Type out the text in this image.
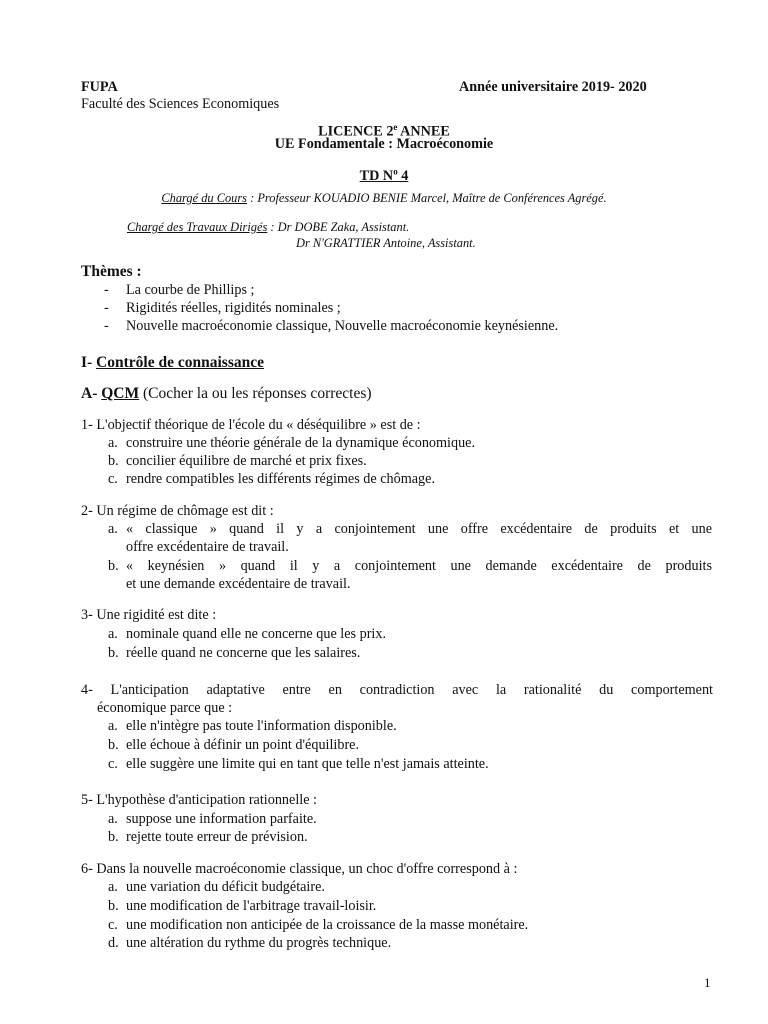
FUPA	Année universitaire 2019- 2020
Faculté des Sciences Economiques
LICENCE 2e ANNEE
UE Fondamentale : Macroéconomie
TD $N^o$ 4
Chargé du Cours : Professeur KOUADIO BENIE Marcel, Maître de Conférences Agrégé.
Chargé des Travaux Dirigés : Dr DOBE Zaka, Assistant.
Dr N'GRATTIER Antoine, Assistant.
Thèmes :
- La courbe de Phillips ;
- Rigidités réelles, rigidités nominales ;
- Nouvelle macroéconomie classique, Nouvelle macroéconomie keynésienne.
I- Contrôle de connaissance
A- QCM (Cocher la ou les réponses correctes)
1- L'objectif théorique de l'école du « déséquilibre » est de :
a. construire une théorie générale de la dynamique économique.
b. concilier équilibre de marché et prix fixes.
c. rendre compatibles les différents régimes de chômage.
2- Un régime de chômage est dit :
a. « classique » quand il y a conjointement une offre excédentaire de produits et une
offre excédentaire de travail.
b. « keynésien » quand il y a conjointement une demande excédentaire de produits
et une demande excédentaire de travail.
3- Une rigidité est dite :
a. nominale quand elle ne concerne que les prix.
b. réelle quand ne concerne que les salaires.
4- L'anticipation adaptative entre en contradiction avec la rationalité du comportement
économique parce que :
a. elle n'intègre pas toute l'information disponible.
b. elle échoue à définir un point d'équilibre.
c. elle suggère une limite qui en tant que telle n'est jamais atteinte.
5- L'hypothèse d'anticipation rationnelle :
a. suppose une information parfaite.
b. rejette toute erreur de prévision.
6- Dans la nouvelle macroéconomie classique, un choc d'offre correspond à :
a. une variation du déficit budgétaire.
b. une modification de l'arbitrage travail-loisir.
c. une modification non anticipée de la croissance de la masse monétaire.
d. une altération du rythme du progrès technique.
1
